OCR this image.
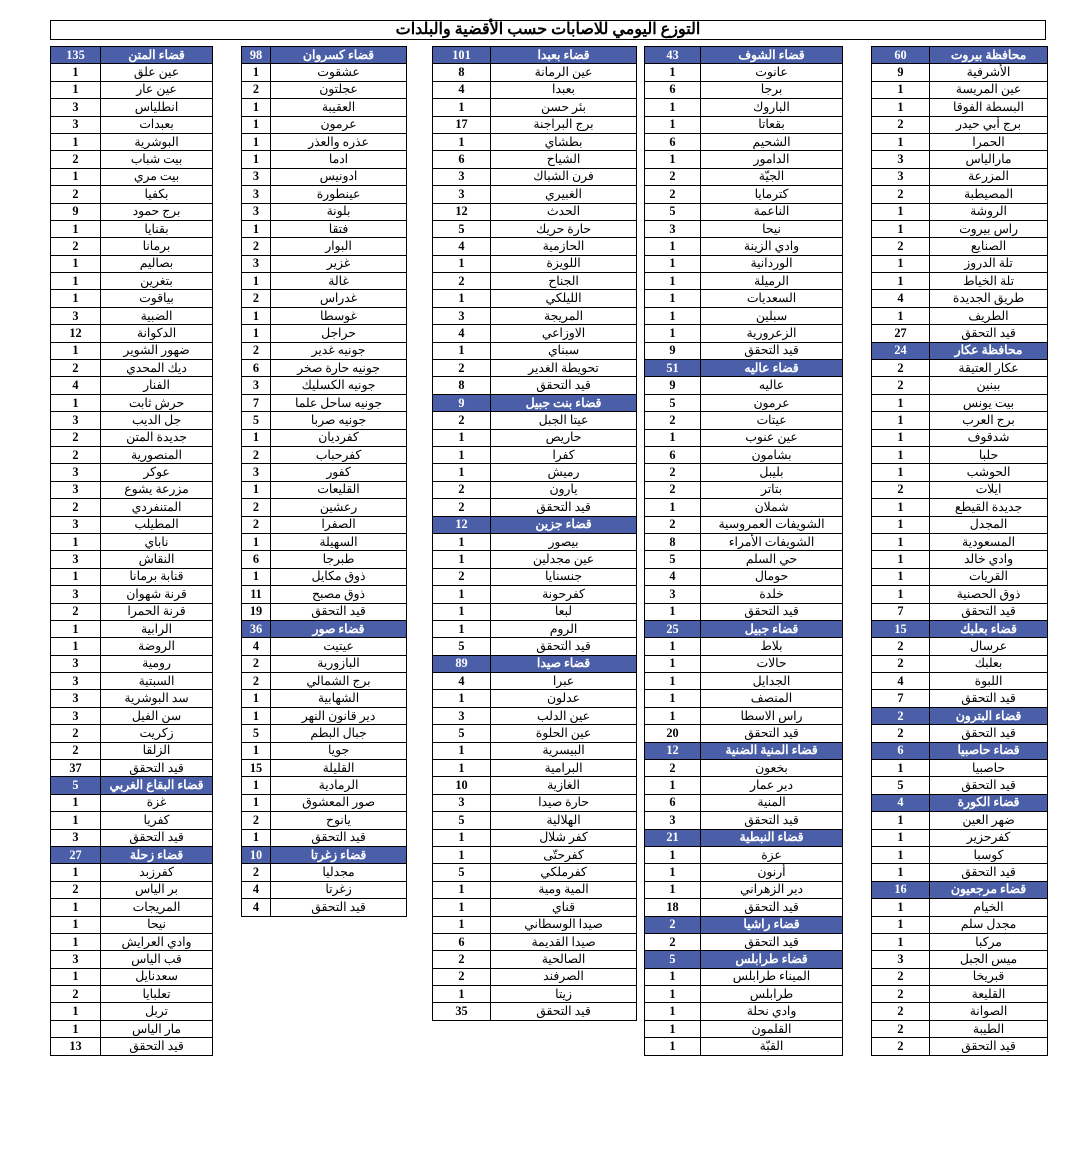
التوزع اليومي للاصابات حسب الأقضية والبلدات
محافظة بيروت	60
الأشرفية	9
عين المريسة	1
البسطة الفوقا	1
برج أبي حيدر	2
الحمرا	1
مارالياس	3
المزرعة	3
المصيطبة	2
الروشة	1
راس بيروت	1
الصنايع	2
تلة الدروز	1
تلة الخياط	1
طريق الجديدة	4
الطريف	1
قيد التحقق	27
محافظة عكار	24
عكار العتيقة	2
ببنين	2
بيت يونس	1
برج العرب	1
شدقوف	1
حلبا	1
الحوشب	1
ايلات	2
جديدة القيطع	1
المجدل	1
المسعودية	1
وادي خالد	1
القريات	1
ذوق الحصنية	1
قيد التحقق	7
قضاء بعلبك	15
عرسال	2
بعلبك	2
اللبوة	4
قيد التحقق	7
قضاء البترون	2
قيد التحقق	2
قضاء حاصبيا	6
حاصبيا	1
قيد التحقق	5
قضاء الكورة	4
ضهر العين	1
كفرحزير	1
كوسبا	1
قيد التحقق	1
قضاء مرجعيون	16
الخيام	1
مجدل سلم	1
مركبا	1
ميس الجبل	3
قبريخا	2
القليعة	2
الصوانة	2
الطيبة	2
قيد التحقق	2
قضاء الشوف	43
عانوت	1
برجا	6
الباروك	1
بقعاتا	1
الشحيم	6
الدامور	1
الجيّة	2
كترمايا	2
الناعمة	5
نيحا	3
وادي الزينة	1
الوردانية	1
الرميلة	1
السعديات	1
سبلين	1
الزعرورية	1
قيد التحقق	9
قضاء عاليه	51
عاليه	9
عرمون	5
عيتات	2
عين عنوب	1
بشامون	6
بليبل	2
بتاتر	2
شملان	1
الشويفات العمروسية	2
الشويفات الأمراء	8
حي السلم	5
حومال	4
خلدة	3
قيد التحقق	1
قضاء جبيل	25
بلاط	1
حالات	1
الجدايل	1
المنصف	1
راس الاسطا	1
قيد التحقق	20
قضاء المنية الضنية	12
بخعون	2
دير عمار	1
المنية	6
قيد التحقق	3
قضاء النبطية	21
عزة	1
أرنون	1
دير الزهراني	1
قيد التحقق	18
قضاء راشيا	2
قيد التحقق	2
قضاء طرابلس	5
الميناء طرابلس	1
طرابلس	1
وادي نحلة	1
القلمون	1
القبّة	1
قضاء بعبدا	101
عين الرمانة	8
بعبدا	4
بئر حسن	1
برج البراجنة	17
بطشاي	1
الشياح	6
فرن الشباك	3
الغبيري	3
الحدث	12
حارة حريك	5
الحازمية	4
اللويزة	1
الجناح	2
الليلكي	1
المريجة	3
الاوزاعي	4
سبناي	1
تحويطة الغدير	2
قيد التحقق	8
قضاء بنت جبيل	9
عيتا الجبل	2
حاريص	1
كفرا	1
رميش	1
يارون	2
قيد التحقق	2
قضاء جزين	12
بيصور	1
عين مجدلين	1
جنسنايا	2
كفرحونة	1
لبعا	1
الروم	1
قيد التحقق	5
قضاء صيدا	89
عبرا	4
عدلون	1
عين الدلب	3
عين الحلوة	5
البيسرية	1
البرامية	1
الغازية	10
حارة صيدا	3
الهلالية	5
كفر شلال	1
كفرحتّى	1
كفرملكي	5
المية ومية	1
قناي	1
صيدا الوسطاني	1
صيدا القديمة	6
الصالحية	2
الصرفند	2
زيتا	1
قيد التحقق	35
قضاء كسروان	98
عشقوت	1
عجلتون	2
العقيبة	1
عرمون	1
عذره والعذر	1
ادما	1
ادونيس	3
عينطورة	3
بلونة	3
فتقا	1
البوار	2
غزير	3
غالة	1
غدراس	2
غوسطا	1
حراجل	1
جونيه غدير	2
جونيه حارة صخر	6
جونيه الكسليك	3
جونيه ساحل علما	7
جونيه صربا	5
كفرديان	1
كفرحباب	2
كفور	3
القليعات	1
رعشين	2
الصفرا	2
السهيلة	1
طبرجا	6
ذوق مكايل	1
ذوق مصبح	11
قيد التحقق	19
قضاء صور	36
عيتيت	4
البازورية	2
برج الشمالي	2
الشهابية	1
دير قانون النهر	1
جبال البطم	5
جويا	1
القليلة	15
الرمادية	1
صور المعشوق	1
يانوح	2
قيد التحقق	1
قضاء زغرتا	10
مجدليا	2
زغرتا	4
قيد التحقق	4
قضاء المتن	135
عين علق	1
عين عار	1
انطلياس	3
بعبدات	3
البوشرية	1
بيت شباب	2
بيت مري	1
بكفيا	2
برج حمود	9
بقنايا	1
برمانا	2
بصاليم	1
بتغرين	1
بياقوت	1
الضبية	3
الدكوانة	12
ضهور الشوير	1
ديك المحدي	2
الفنار	4
حرش ثابت	1
جل الديب	3
جديدة المتن	2
المنصورية	2
عوكر	3
مزرعة يشوع	3
المتنفردي	2
المطيلب	3
ناباي	1
النقاش	3
قنابة برمانا	1
قرنة شهوان	3
قرنة الحمرا	2
الرابية	1
الروضة	1
رومية	3
السبتية	3
سد البوشرية	3
سن الفيل	3
زكريت	2
الزلقا	2
قيد التحقق	37
قضاء البقاع الغربي	5
غزة	1
كفريا	1
قيد التحقق	3
قضاء زحلة	27
كفرزبد	1
بر الياس	2
المريجات	1
نيحا	1
وادي العرايش	1
قب الياس	3
سعدنايل	1
تعلبايا	2
تربل	1
مار الياس	1
قيد التحقق	13
